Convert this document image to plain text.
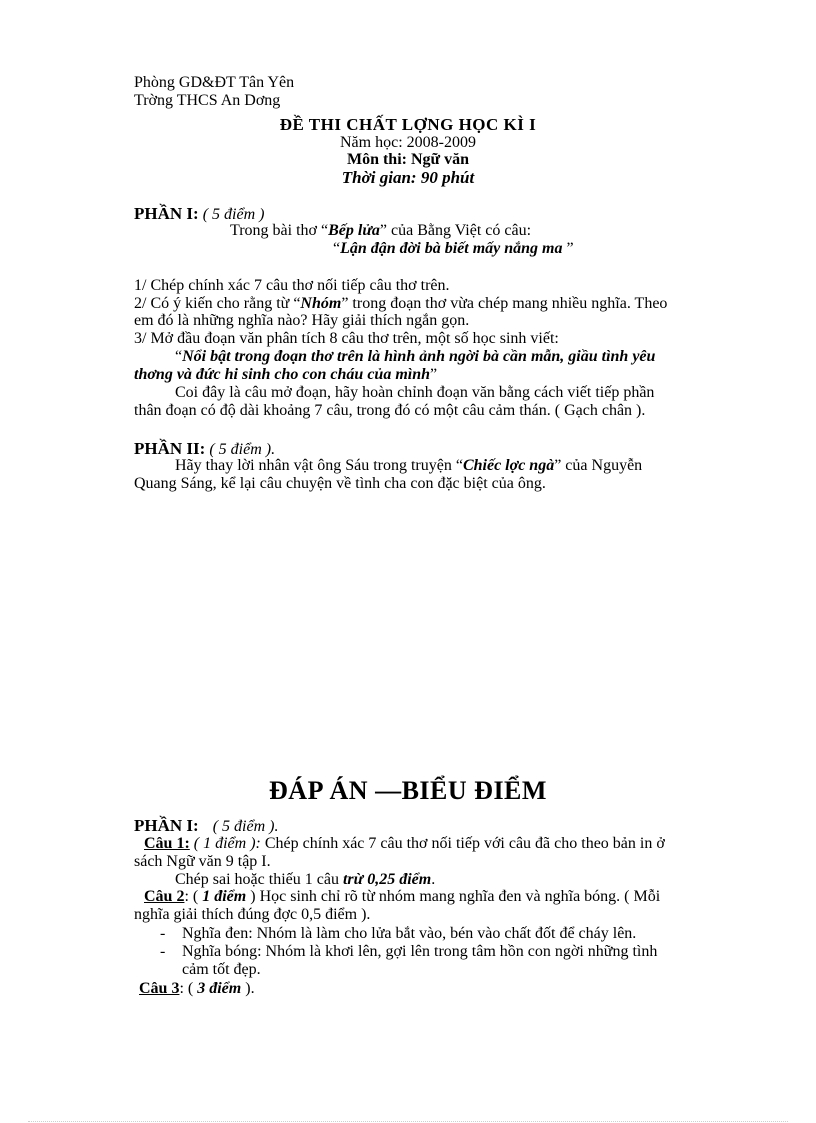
Phòng GD&ĐT Tân Yên
Trờng THCS An Dơng
ĐỀ THI CHẤT LỢNG HỌC KÌ I
Năm học: 2008-2009
Môn thi: Ngữ văn
Thời gian: 90 phút
PHẦN I: ( 5 điểm )
Trong bài thơ “Bếp lửa” của Bằng Việt có câu:
“Lận đận đời bà biết mấy nắng ma ”
1/ Chép chính xác 7 câu thơ nối tiếp câu thơ trên.
2/ Có ý kiến cho rằng từ “Nhóm” trong đoạn thơ vừa chép mang nhiều nghĩa. Theo
em đó là những nghĩa nào? Hãy giải thích ngắn gọn.
3/ Mở đầu đoạn văn phân tích 8 câu thơ trên, một số học sinh viết:
“Nổi bật trong đoạn thơ trên là hình ảnh ngời bà cần mẫn, giầu tình yêu
thơng và đức hi sinh cho con cháu của mình”
Coi đây là câu mở đoạn, hãy hoàn chỉnh đoạn văn bằng cách viết tiếp phần
thân đoạn có độ dài khoảng 7 câu, trong đó có một câu cảm thán. ( Gạch chân ).
PHẦN II: ( 5 điểm ).
Hãy thay lời nhân vật ông Sáu trong truyện “Chiếc lợc ngà” của Nguyễn
Quang Sáng, kể lại câu chuyện về tình cha con đặc biệt của ông.
ĐÁP ÁN —BIỂU ĐIỂM
PHẦN I: ( 5 điểm ).
Câu 1: ( 1 điểm ): Chép chính xác 7 câu thơ nối tiếp với câu đã cho theo bản in ở
sách Ngữ văn 9 tập I.
Chép sai hoặc thiếu 1 câu trừ 0,25 điểm.
Câu 2: ( 1 điểm ) Học sinh chỉ rõ từ nhóm mang nghĩa đen và nghĩa bóng. ( Mỗi
nghĩa giải thích đúng đợc 0,5 điểm ).
- Nghĩa đen: Nhóm là làm cho lửa bắt vào, bén vào chất đốt để cháy lên.
- Nghĩa bóng: Nhóm là khơi lên, gợi lên trong tâm hồn con ngời những tình
cảm tốt đẹp.
Câu 3: ( 3 điểm ).
